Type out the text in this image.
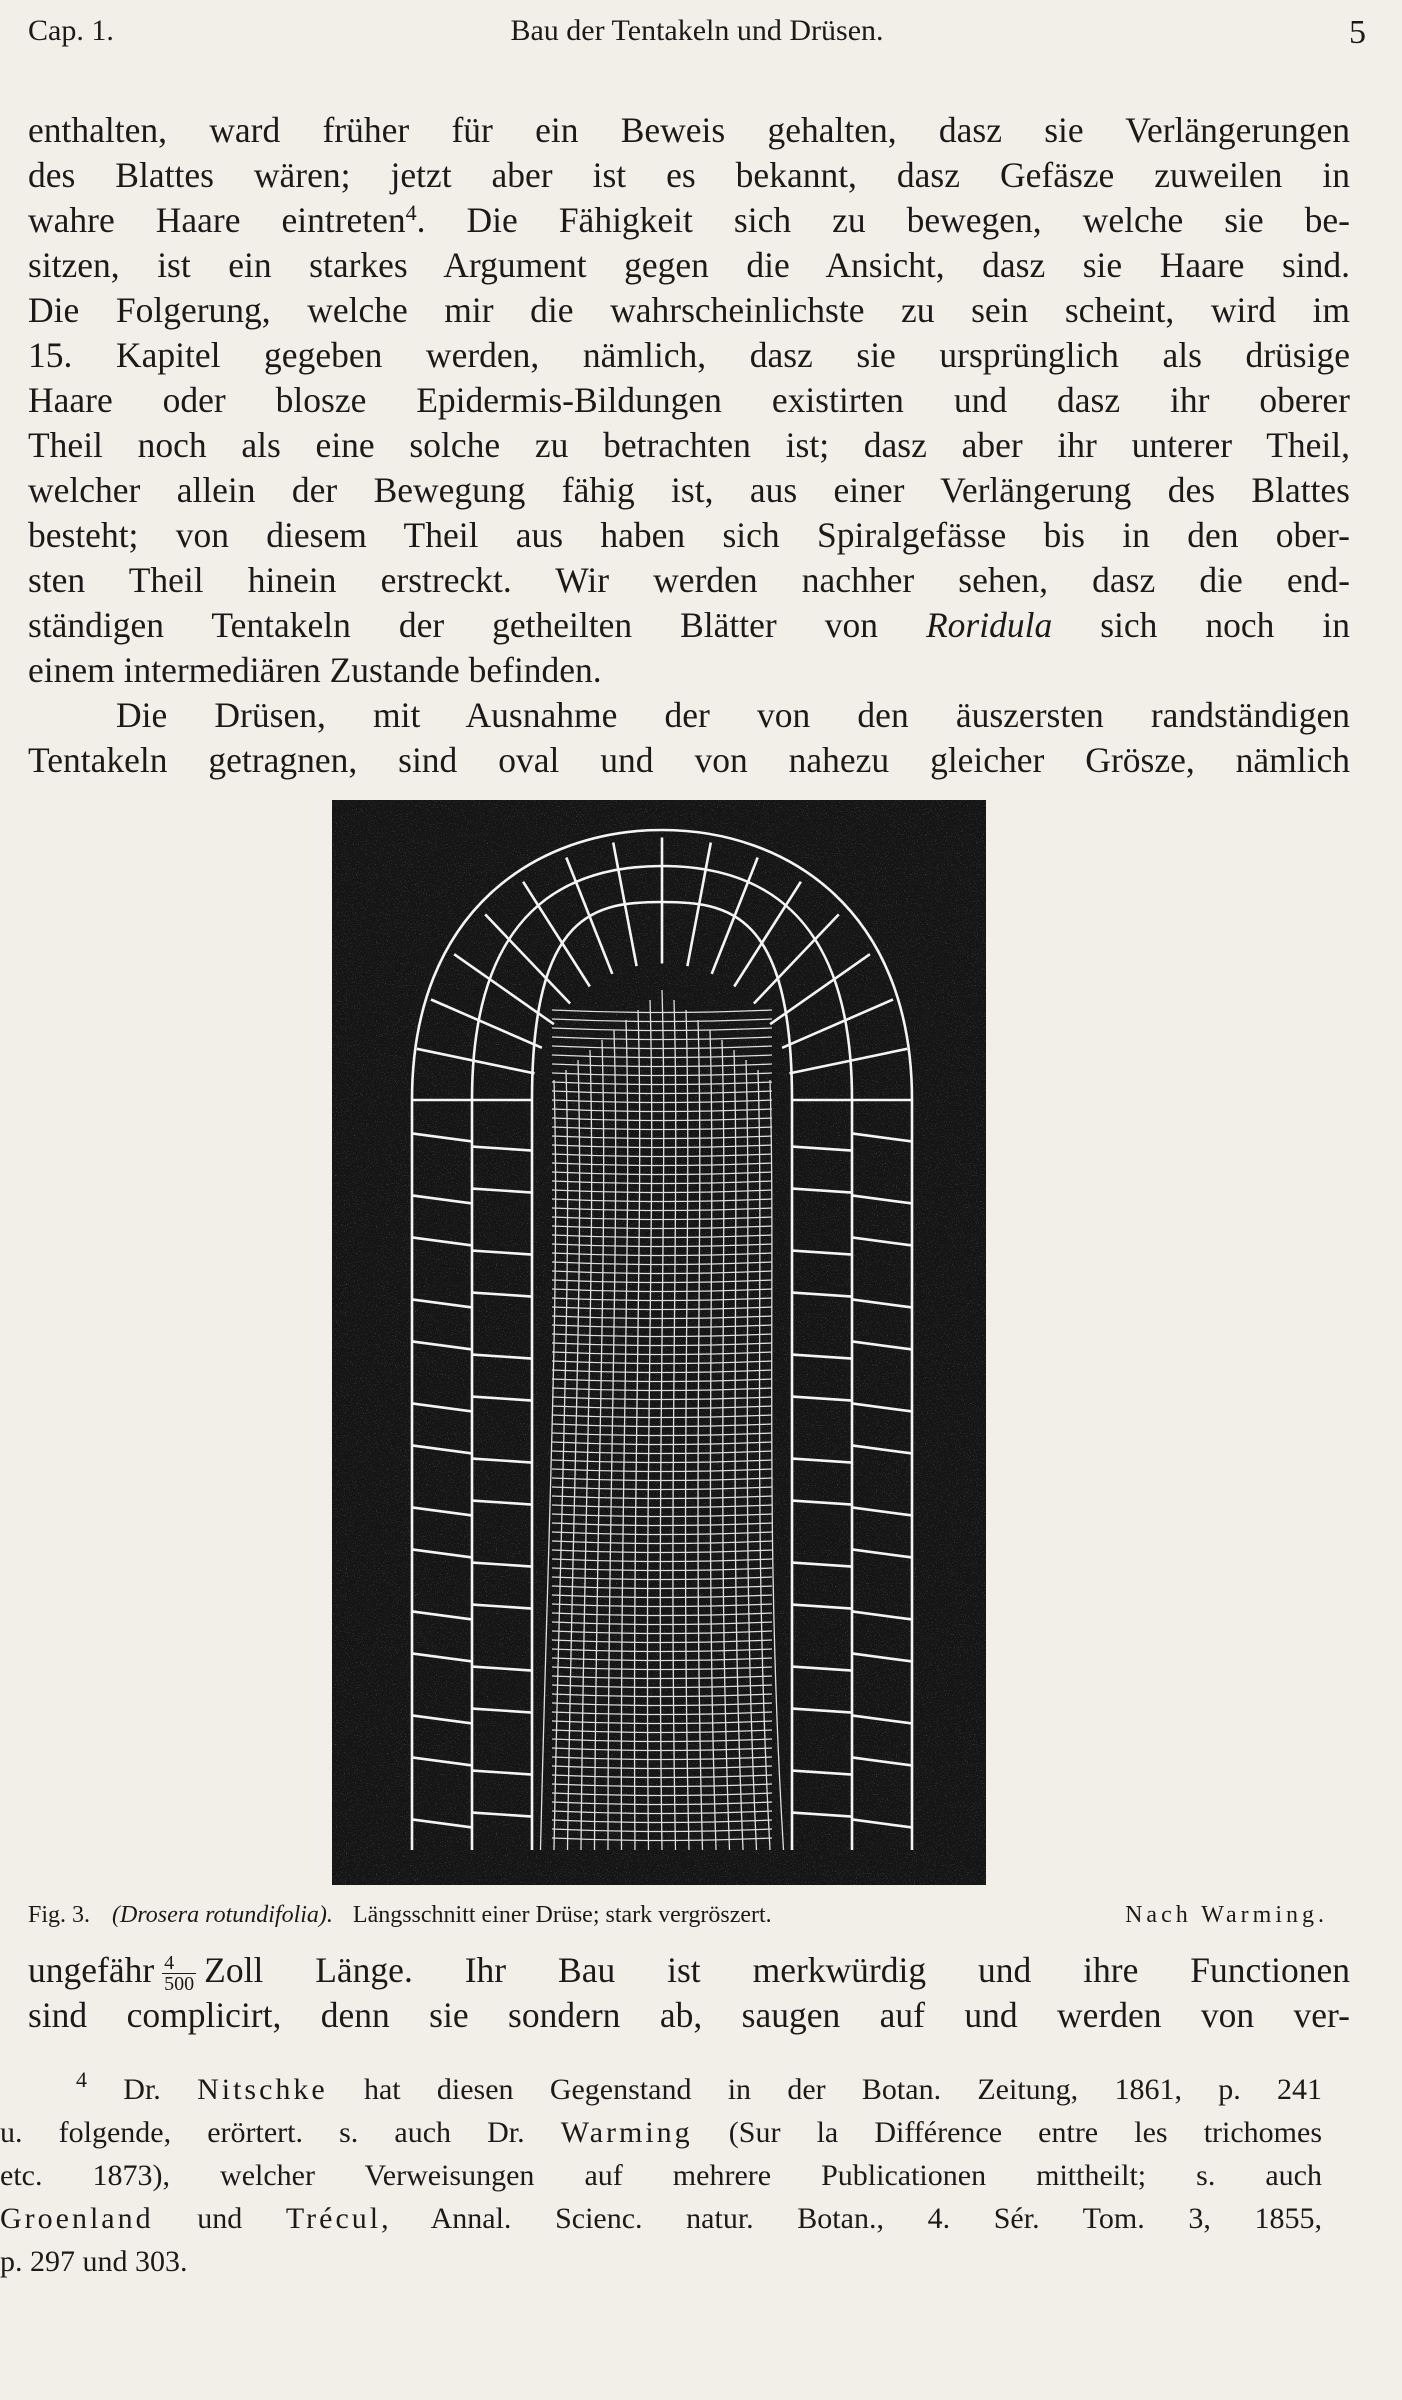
Cap. 1.	Bau der Tentakeln und Drüsen.	5
enthalten, ward früher für ein Beweis gehalten, dasz sie Verlängerungen
des Blattes wären; jetzt aber ist es bekannt, dasz Gefäsze zuweilen in
wahre Haare eintreten$^4$. Die Fähigkeit sich zu bewegen, welche sie be-
sitzen, ist ein starkes Argument gegen die Ansicht, dasz sie Haare sind.
Die Folgerung, welche mir die wahrscheinlichste zu sein scheint, wird im
15. Kapitel gegeben werden, nämlich, dasz sie ursprünglich als drüsige
Haare oder blosze Epidermis-Bildungen existirten und dasz ihr oberer
Theil noch als eine solche zu betrachten ist; dasz aber ihr unterer Theil,
welcher allein der Bewegung fähig ist, aus einer Verlängerung des Blattes
besteht; von diesem Theil aus haben sich Spiralgefässe bis in den ober-
sten Theil hinein erstreckt. Wir werden nachher sehen, dasz die end-
ständigen Tentakeln der getheilten Blätter von Roridula sich noch in
einem intermediären Zustande befinden.
Die Drüsen, mit Ausnahme der von den äuszersten randständigen
Tentakeln getragnen, sind oval und von nahezu gleicher Grösze, nämlich
Fig. 3. (Drosera rotundifolia). Längsschnitt einer Drüse; stark vergröszert.	Nach Warming.
ungefähr $\frac{4}{500}$ Zoll Länge. Ihr Bau ist merkwürdig und ihre Functionen
sind complicirt, denn sie sondern ab, saugen auf und werden von ver-
$^4$ Dr. Nitschke hat diesen Gegenstand in der Botan. Zeitung, 1861, p. 241
u. folgende, erörtert. s. auch Dr. Warming (Sur la Différence entre les trichomes
etc. 1873), welcher Verweisungen auf mehrere Publicationen mittheilt; s. auch
Groenland und Trécul, Annal. Scienc. natur. Botan., 4. Sér. Tom. 3, 1855,
p. 297 und 303.
